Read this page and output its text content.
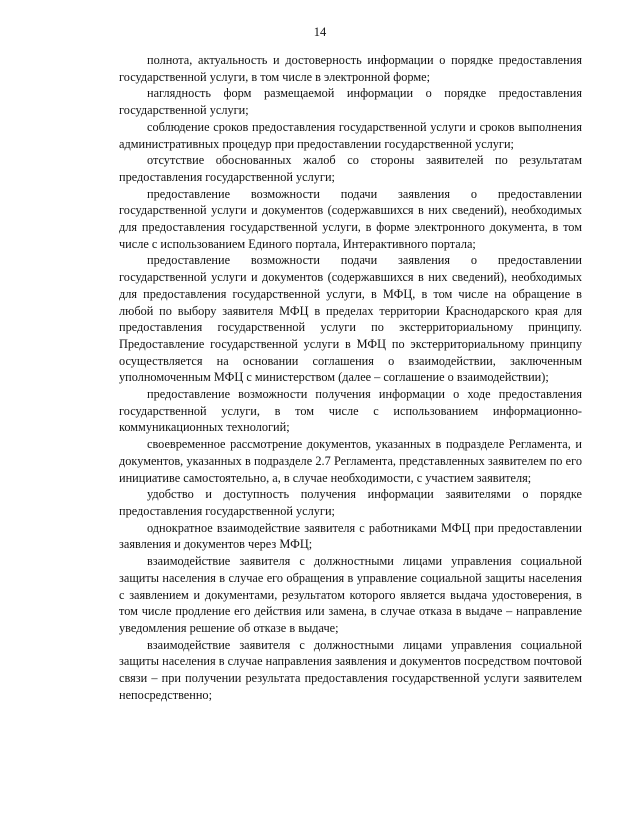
14

полнота, актуальность и достоверность информации о порядке предоставления государственной услуги, в том числе в электронной форме;

наглядность форм размещаемой информации о порядке предоставления государственной услуги;

соблюдение сроков предоставления государственной услуги и сроков выполнения административных процедур при предоставлении государственной услуги;

отсутствие обоснованных жалоб со стороны заявителей по результатам предоставления государственной услуги;

предоставление возможности подачи заявления о предоставлении государственной услуги и документов (содержавшихся в них сведений), необходимых для предоставления государственной услуги, в форме электронного документа, в том числе с использованием Единого портала, Интерактивного портала;

предоставление возможности подачи заявления о предоставлении государственной услуги и документов (содержавшихся в них сведений), необходимых для предоставления государственной услуги, в МФЦ, в том числе на обращение в любой по выбору заявителя МФЦ в пределах территории Краснодарского края для предоставления государственной услуги по экстерриториальному принципу. Предоставление государственной услуги в МФЦ по экстерриториальному принципу осуществляется на основании соглашения о взаимодействии, заключенным уполномоченным МФЦ с министерством (далее – соглашение о взаимодействии);

предоставление возможности получения информации о ходе предоставления государственной услуги, в том числе с использованием информационно-коммуникационных технологий;

своевременное рассмотрение документов, указанных в подразделе Регламента, и документов, указанных в подразделе 2.7 Регламента, представленных заявителем по его инициативе самостоятельно, а, в случае необходимости, с участием заявителя;

удобство и доступность получения информации заявителями о порядке предоставления государственной услуги;

однократное взаимодействие заявителя с работниками МФЦ при предоставлении заявления и документов через МФЦ;

взаимодействие заявителя с должностными лицами управления социальной защиты населения в случае его обращения в управление социальной защиты населения с заявлением и документами, результатом которого является выдача удостоверения, в том числе продление его действия или замена, в случае отказа в выдаче – направление уведомления решение об отказе в выдаче;

взаимодействие заявителя с должностными лицами управления социальной защиты населения в случае направления заявления и документов посредством почтовой связи – при получении результата предоставления государственной услуги заявителем непосредственно;
